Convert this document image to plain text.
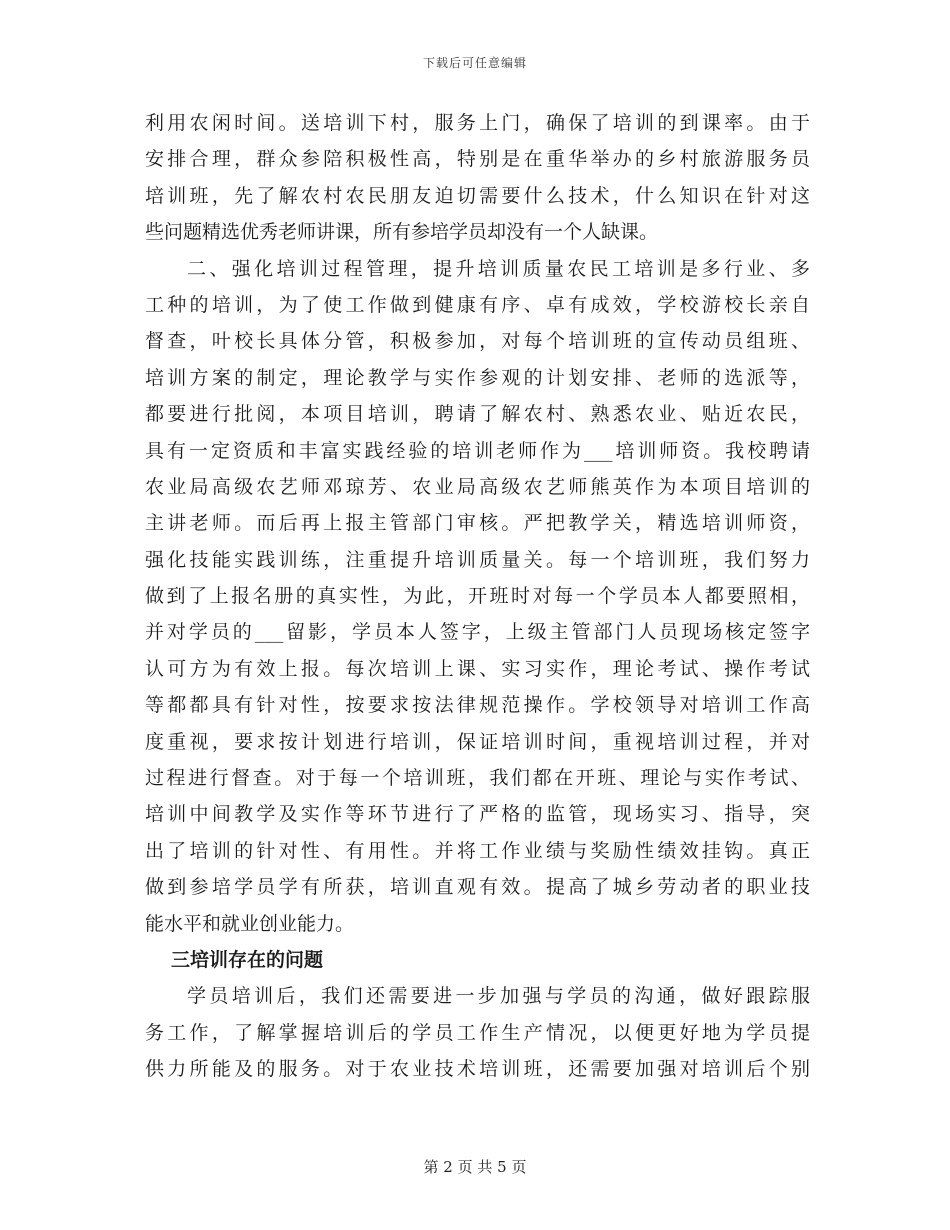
下载后可任意编辑
利用农闲时间。送培训下村，服务上门，确保了培训的到课率。由于
安排合理，群众参陪积极性高，特别是在重华举办的乡村旅游服务员
培训班，先了解农村农民朋友迫切需要什么技术，什么知识在针对这
些问题精选优秀老师讲课，所有参培学员却没有一个人缺课。
二、强化培训过程管理，提升培训质量农民工培训是多行业、多
工种的培训，为了使工作做到健康有序、卓有成效，学校游校长亲自
督查，叶校长具体分管，积极参加，对每个培训班的宣传动员组班、
培训方案的制定，理论教学与实作参观的计划安排、老师的选派等，
都要进行批阅，本项目培训，聘请了解农村、熟悉农业、贴近农民，
具有一定资质和丰富实践经验的培训老师作为___培训师资。我校聘请
农业局高级农艺师邓琼芳、农业局高级农艺师熊英作为本项目培训的
主讲老师。而后再上报主管部门审核。严把教学关，精选培训师资，
强化技能实践训练，注重提升培训质量关。每一个培训班，我们努力
做到了上报名册的真实性，为此，开班时对每一个学员本人都要照相，
并对学员的___留影，学员本人签字，上级主管部门人员现场核定签字
认可方为有效上报。每次培训上课、实习实作，理论考试、操作考试
等都都具有针对性，按要求按法律规范操作。学校领导对培训工作高
度重视，要求按计划进行培训，保证培训时间，重视培训过程，并对
过程进行督查。对于每一个培训班，我们都在开班、理论与实作考试、
培训中间教学及实作等环节进行了严格的监管，现场实习、指导，突
出了培训的针对性、有用性。并将工作业绩与奖励性绩效挂钩。真正
做到参培学员学有所获，培训直观有效。提高了城乡劳动者的职业技
能水平和就业创业能力。
三培训存在的问题
学员培训后，我们还需要进一步加强与学员的沟通，做好跟踪服
务工作，了解掌握培训后的学员工作生产情况，以便更好地为学员提
供力所能及的服务。对于农业技术培训班，还需要加强对培训后个别
第 2 页 共 5 页
